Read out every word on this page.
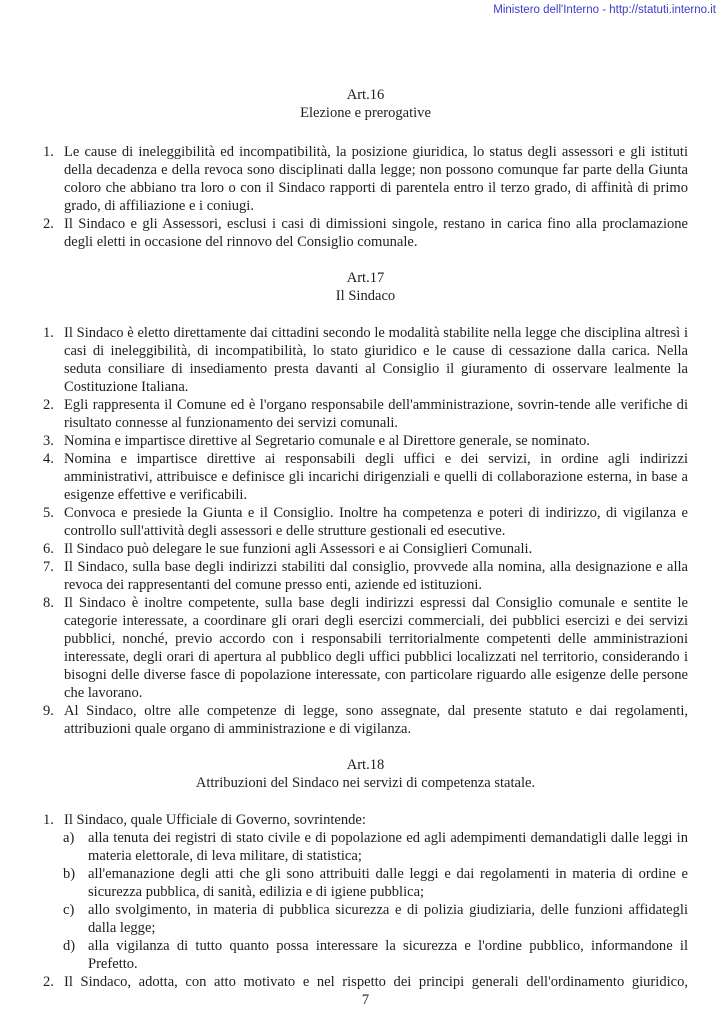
Ministero dell'Interno - http://statuti.interno.it
Art.16
Elezione e prerogative
1. Le cause di ineleggibilità ed incompatibilità, la posizione giuridica, lo status degli assessori e gli istituti della decadenza e della revoca sono disciplinati dalla legge; non possono comunque far parte della Giunta coloro che abbiano tra loro o con il Sindaco rapporti di parentela entro il terzo grado, di affinità di primo grado, di affiliazione e i coniugi.
2. Il Sindaco e gli Assessori, esclusi i casi di dimissioni singole, restano in carica fino alla proclamazione degli eletti in occasione del rinnovo del Consiglio comunale.
Art.17
Il Sindaco
1. Il Sindaco è eletto direttamente dai cittadini secondo le modalità stabilite nella legge che disciplina altresì i casi di ineleggibilità, di incompatibilità, lo stato giuridico e le cause di cessazione dalla carica. Nella seduta consiliare di insediamento presta davanti al Consiglio il giuramento di osservare lealmente la Costituzione Italiana.
2. Egli rappresenta il Comune ed è l'organo responsabile dell'amministrazione, sovrin-tende alle verifiche di risultato connesse al funzionamento dei servizi comunali.
3. Nomina e impartisce direttive al Segretario comunale e al Direttore generale, se nominato.
4. Nomina e impartisce direttive ai responsabili degli uffici e dei servizi, in ordine agli indirizzi amministrativi, attribuisce e definisce gli incarichi dirigenziali e quelli di collaborazione esterna, in base a esigenze effettive e verificabili.
5. Convoca e presiede la Giunta e il Consiglio. Inoltre ha competenza e poteri di indirizzo, di vigilanza e controllo sull'attività degli assessori e delle strutture gestionali ed esecutive.
6. Il Sindaco può delegare le sue funzioni agli Assessori e ai Consiglieri Comunali.
7. Il Sindaco, sulla base degli indirizzi stabiliti dal consiglio, provvede alla nomina, alla designazione e alla revoca dei rappresentanti del comune presso enti, aziende ed istituzioni.
8. Il Sindaco è inoltre competente, sulla base degli indirizzi espressi dal Consiglio comunale e sentite le categorie interessate, a coordinare gli orari degli esercizi commerciali, dei pubblici esercizi e dei servizi pubblici, nonché, previo accordo con i responsabili territorialmente competenti delle amministrazioni interessate, degli orari di apertura al pubblico degli uffici pubblici localizzati nel territorio, considerando i bisogni delle diverse fasce di popolazione interessate, con particolare riguardo alle esigenze delle persone che lavorano.
9. Al Sindaco, oltre alle competenze di legge, sono assegnate, dal presente statuto e dai regolamenti, attribuzioni quale organo di amministrazione e di vigilanza.
Art.18
Attribuzioni del Sindaco nei servizi di competenza statale.
1. Il Sindaco, quale Ufficiale di Governo, sovrintende:
a) alla tenuta dei registri di stato civile e di popolazione ed agli adempimenti demandatigli dalle leggi in materia elettorale, di leva militare, di statistica;
b) all'emanazione degli atti che gli sono attribuiti dalle leggi e dai regolamenti in materia di ordine e sicurezza pubblica, di sanità, edilizia e di igiene pubblica;
c) allo svolgimento, in materia di pubblica sicurezza e di polizia giudiziaria, delle funzioni affidategli dalla legge;
d) alla vigilanza di tutto quanto possa interessare la sicurezza e l'ordine pubblico, informandone il Prefetto.
2. Il Sindaco, adotta, con atto motivato e nel rispetto dei principi generali dell'ordinamento giuridico,
7
